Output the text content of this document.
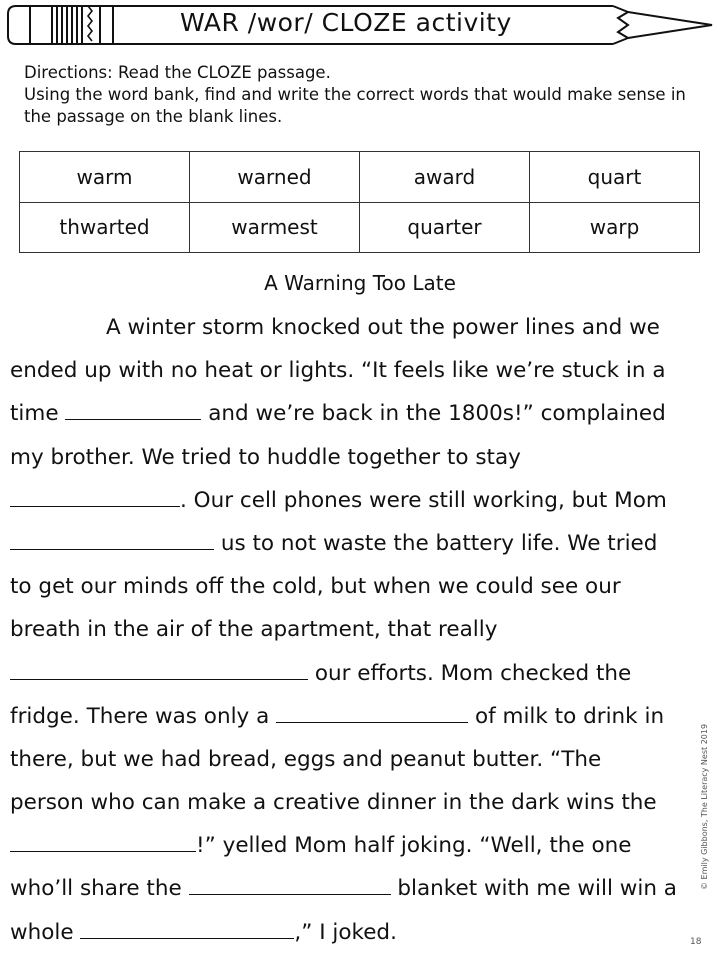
WAR /wor/ CLOZE activity
Directions: Read the CLOZE passage.
Using the word bank, find and write the correct words that would make sense in the passage on the blank lines.
warm	warned	award	quart
thwarted	warmest	quarter	warp
A Warning Too Late
A winter storm knocked out the power lines and we
ended up with no heat or lights. “It feels like we’re stuck in a
time	and we’re back in the 1800s!” complained
my brother. We tried to huddle together to stay
. Our cell phones were still working, but Mom
us to not waste the battery life. We tried
to get our minds off the cold, but when we could see our
breath in the air of the apartment, that really
our efforts. Mom checked the
fridge. There was only a	of milk to drink in
there, but we had bread, eggs and peanut butter. “The
person who can make a creative dinner in the dark wins the
!” yelled Mom half joking. “Well, the one
who’ll share the	blanket with me will win a
whole	,” I joked.
© Emily Gibbons, The Literacy Nest 2019
18
